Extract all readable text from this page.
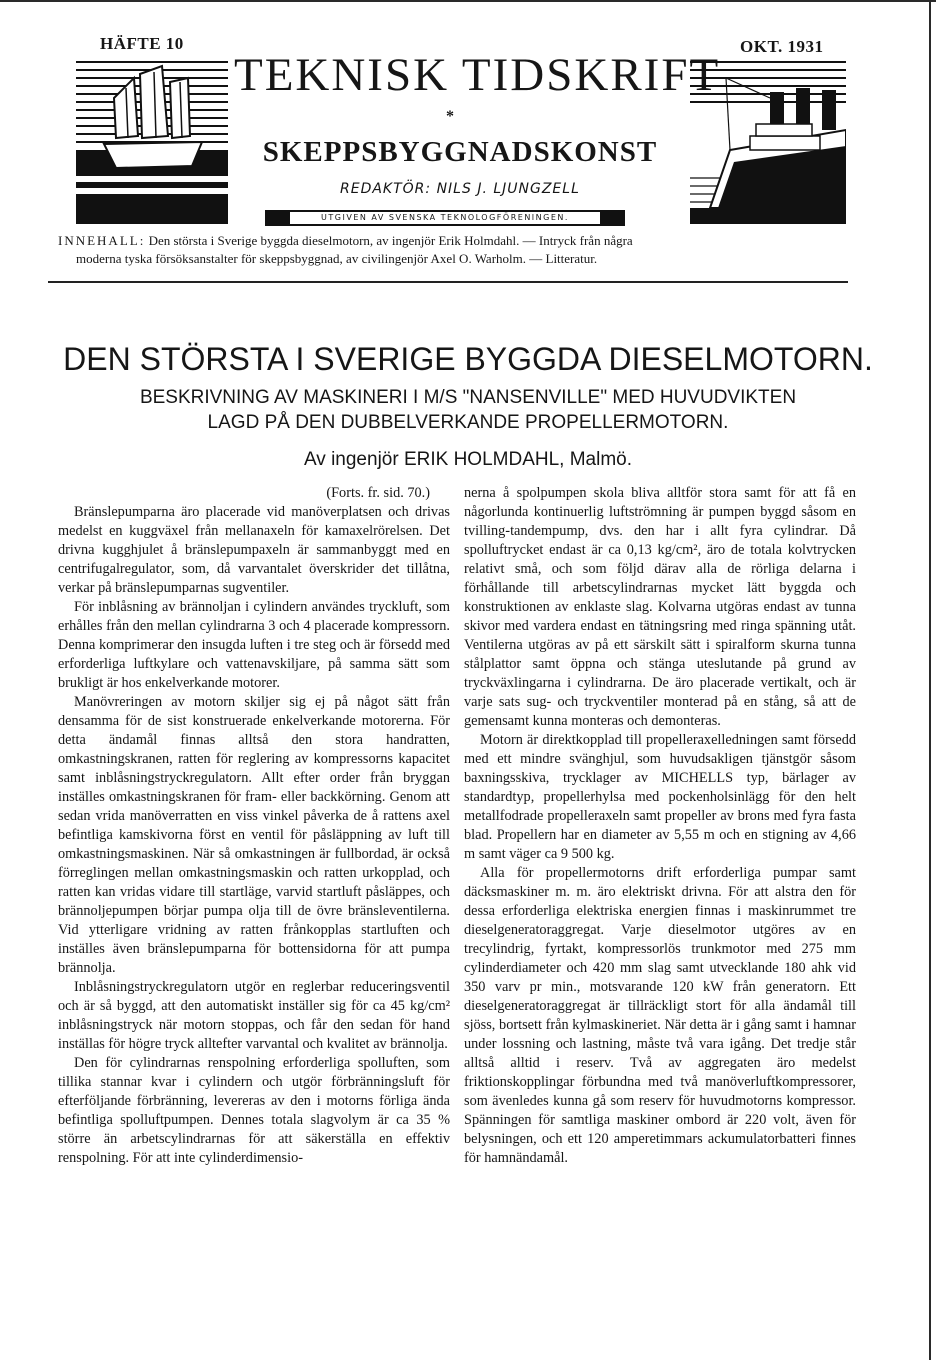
HÄFTE 10	OKT. 1931
TEKNISK TIDSKRIFT
*
SKEPPSBYGGNADSKONST
REDAKTÖR: NILS J. LJUNGZELL
UTGIVEN AV SVENSKA TEKNOLOGFÖRENINGEN.
INNEHALL: Den största i Sverige byggda dieselmotorn, av ingenjör Erik Holmdahl. — Intryck från några
moderna tyska försöksanstalter för skeppsbyggnad, av civilingenjör Axel O. Warholm. — Litteratur.
DEN STÖRSTA I SVERIGE BYGGDA DIESELMOTORN.
BESKRIVNING AV MASKINERI I M/S "NANSENVILLE" MED HUVUDVIKTEN
LAGD PÅ DEN DUBBELVERKANDE PROPELLERMOTORN.
Av ingenjör ERIK HOLMDAHL, Malmö.

(Forts. fr. sid. 70.)

Bränslepumparna äro placerade vid manöverplatsen och drivas medelst en kuggväxel från mellanaxeln för kamaxelrörelsen. Det drivna kugghjulet å bränslepumpaxeln är sammanbyggt med en centrifugalregulator, som, då varvantalet överskrider det tillåtna, verkar på bränslepumparnas sugventiler.

För inblåsning av brännoljan i cylindern användes tryckluft, som erhålles från den mellan cylindrarna 3 och 4 placerade kompressorn. Denna komprimerar den insugda luften i tre steg och är försedd med erforderliga luftkylare och vattenavskiljare, på samma sätt som brukligt är hos enkelverkande motorer.

Manövreringen av motorn skiljer sig ej på något sätt från densamma för de sist konstruerade enkelverkande motorerna. För detta ändamål finnas alltså den stora handratten, omkastningskranen, ratten för reglering av kompressorns kapacitet samt inblåsningstryckregulatorn. Allt efter order från bryggan inställes omkastningskranen för fram- eller backkörning. Genom att sedan vrida manöverratten en viss vinkel påverka de å rattens axel befintliga kamskivorna först en ventil för påsläppning av luft till omkastningsmaskinen. När så omkastningen är fullbordad, är också förreglingen mellan omkastningsmaskin och ratten urkopplad, och ratten kan vridas vidare till startläge, varvid startluft påsläppes, och brännoljepumpen börjar pumpa olja till de övre bränsleventilerna. Vid ytterligare vridning av ratten frånkopplas startluften och inställes även bränslepumparna för bottensidorna för att pumpa brännolja.

Inblåsningstryckregulatorn utgör en reglerbar reduceringsventil och är så byggd, att den automatiskt inställer sig för ca 45 kg/cm² inblåsningstryck när motorn stoppas, och får den sedan för hand inställas för högre tryck alltefter varvantal och kvalitet av brännolja.

Den för cylindrarnas renspolning erforderliga spolluften, som tillika stannar kvar i cylindern och utgör förbränningsluft för efterföljande förbränning, levereras av den i motorns förliga ända befintliga spolluftpumpen. Dennes totala slagvolym är ca 35 % större än arbetscylindrarnas för att säkerställa en effektiv renspolning. För att inte cylinderdimensio-

nerna å spolpumpen skola bliva alltför stora samt för att få en någorlunda kontinuerlig luftströmning är pumpen byggd såsom en tvilling-tandempump, dvs. den har i allt fyra cylindrar. Då spolluftrycket endast är ca 0,13 kg/cm², äro de totala kolvtrycken relativt små, och som följd därav alla de rörliga delarna i förhållande till arbetscylindrarnas mycket lätt byggda och konstruktionen av enklaste slag. Kolvarna utgöras endast av tunna skivor med vardera endast en tätningsring med ringa spänning utåt. Ventilerna utgöras av på ett särskilt sätt i spiralform skurna tunna stålplattor samt öppna och stänga uteslutande på grund av tryckväxlingarna i cylindrarna. De äro placerade vertikalt, och är varje sats sug- och tryckventiler monterad på en stång, så att de gemensamt kunna monteras och demonteras.

Motorn är direktkopplad till propelleraxelledningen samt försedd med ett mindre svänghjul, som huvudsakligen tjänstgör såsom baxningsskiva, trycklager av MICHELLS typ, bärlager av standardtyp, propellerhylsa med pockenholsinlägg för den helt metallfodrade propelleraxeln samt propeller av brons med fyra fasta blad. Propellern har en diameter av 5,55 m och en stigning av 4,66 m samt väger ca 9 500 kg.

Alla för propellermotorns drift erforderliga pumpar samt däcksmaskiner m. m. äro elektriskt drivna. För att alstra den för dessa erforderliga elektriska energien finnas i maskinrummet tre dieselgeneratoraggregat. Varje dieselmotor utgöres av en trecylindrig, fyrtakt, kompressorlös trunkmotor med 275 mm cylinderdiameter och 420 mm slag samt utvecklande 180 ahk vid 350 varv pr min., motsvarande 120 kW från generatorn. Ett dieselgeneratoraggregat är tillräckligt stort för alla ändamål till sjöss, bortsett från kylmaskineriet. När detta är i gång samt i hamnar under lossning och lastning, måste två vara igång. Det tredje står alltså alltid i reserv. Två av aggregaten äro medelst friktionskopplingar förbundna med två manöverluftkompressorer, som ävenledes kunna gå som reserv för huvudmotorns kompressor. Spänningen för samtliga maskiner ombord är 220 volt, även för belysningen, och ett 120 amperetimmars ackumulatorbatteri finnes för hamnändamål.
